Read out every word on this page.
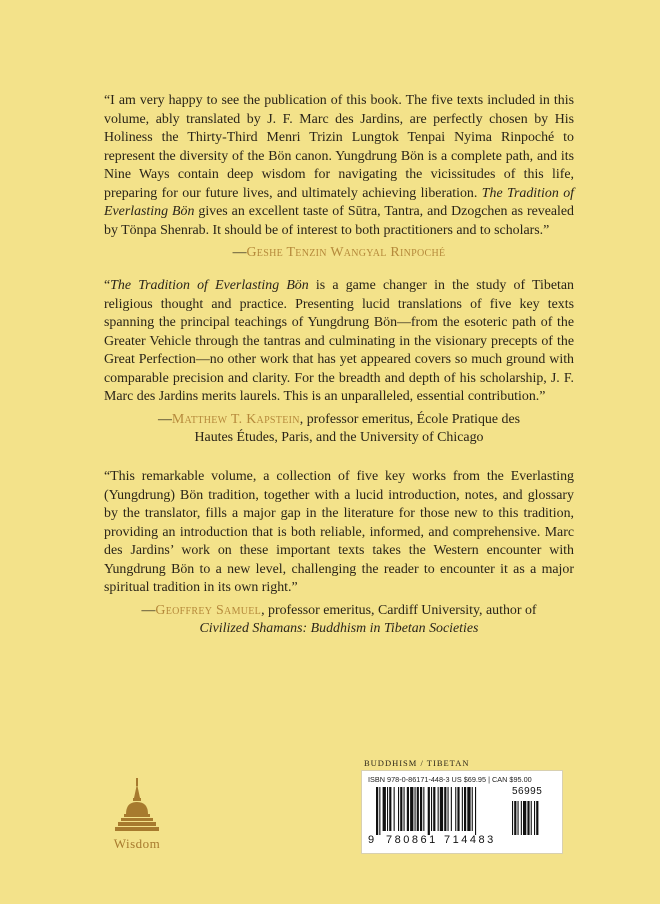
“I am very happy to see the publication of this book. The five texts included in this volume, ably translated by J. F. Marc des Jardins, are perfectly chosen by His Holiness the Thirty-Third Menri Trizin Lungtok Tenpai Nyima Rinpoché to represent the diversity of the Bön canon. Yungdrung Bön is a complete path, and its Nine Ways contain deep wisdom for navigating the vicissitudes of this life, preparing for our future lives, and ultimately achieving liberation. The Tradition of Everlasting Bön gives an excellent taste of Sūtra, Tantra, and Dzogchen as revealed by Tönpa Shenrab. It should be of interest to both practitioners and to scholars.”

—Geshe Tenzin Wangyal Rinpoché

“The Tradition of Everlasting Bön is a game changer in the study of Tibetan religious thought and practice. Presenting lucid translations of five key texts spanning the principal teachings of Yungdrung Bön—from the esoteric path of the Greater Vehicle through the tantras and culminating in the visionary precepts of the Great Perfection—no other work that has yet appeared covers so much ground with comparable precision and clarity. For the breadth and depth of his scholarship, J. F. Marc des Jardins merits laurels. This is an unparalleled, essential contribution.”

—Matthew T. Kapstein, professor emeritus, École Pratique des Hautes Études, Paris, and the University of Chicago

“This remarkable volume, a collection of five key works from the Everlasting (Yungdrung) Bön tradition, together with a lucid introduction, notes, and glossary by the translator, fills a major gap in the literature for those new to this tradition, providing an introduction that is both reliable, informed, and comprehensive. Marc des Jardins’ work on these important texts takes the Western encounter with Yungdrung Bön to a new level, challenging the reader to encounter it as a major spiritual tradition in its own right.”

—Geoffrey Samuel, professor emeritus, Cardiff University, author of
Civilized Shamans: Buddhism in Tibetan Societies
Wisdom
BUDDHISM / TIBETAN
ISBN 978-0-86171-448-3 US $69.95 | CAN $95.00
56995
9 780861 714483
